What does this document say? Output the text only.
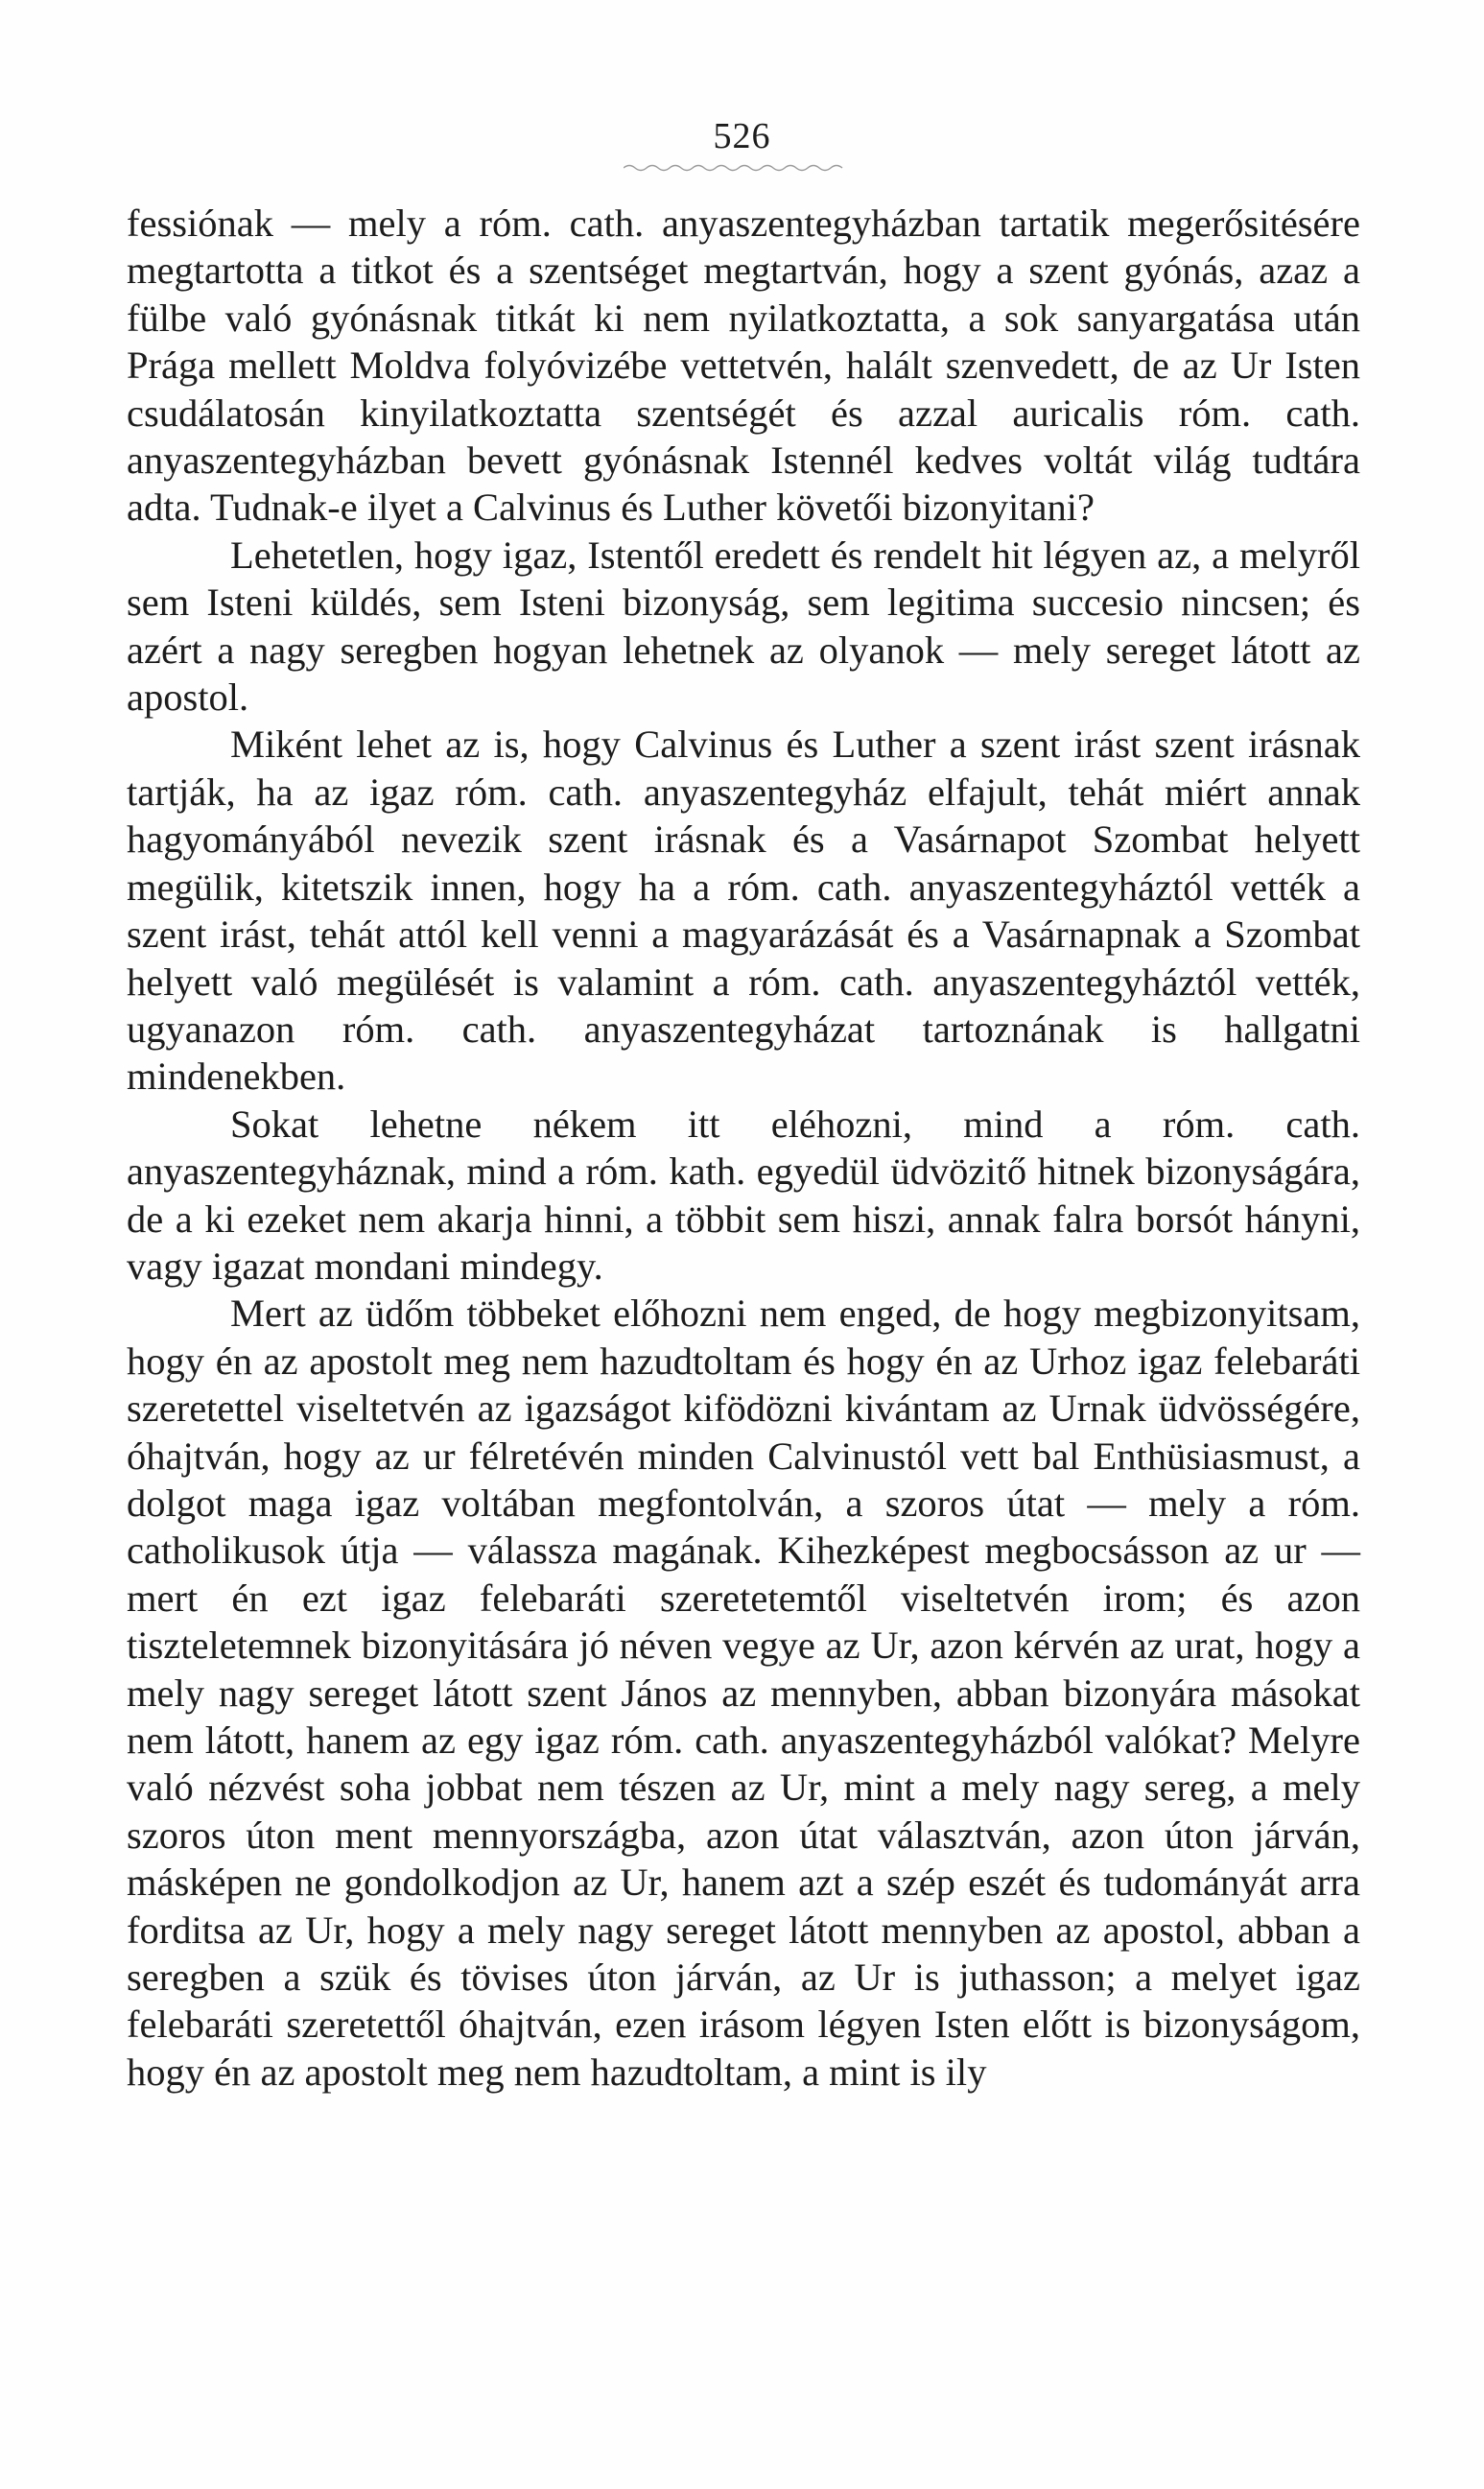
526

fessiónak — mely a róm. cath. anyaszentegyházban tartatik megerősitésére megtartotta a titkot és a szentséget megtartván, hogy a szent gyónás, azaz a fülbe való gyónásnak titkát ki nem nyilatkoztatta, a sok sanyargatása után Prága mellett Moldva folyóvizébe vettetvén, halált szenvedett, de az Ur Isten csudálatosán kinyilatkoztatta szentségét és azzal auricalis róm. cath. anyaszentegyházban bevett gyónásnak Istennél kedves voltát világ tudtára adta. Tudnak-e ilyet a Calvinus és Luther követői bizonyitani?

Lehetetlen, hogy igaz, Istentől eredett és rendelt hit légyen az, a melyről sem Isteni küldés, sem Isteni bizonyság, sem legitima succesio nincsen; és azért a nagy seregben hogyan lehetnek az olyanok — mely sereget látott az apostol.

Miként lehet az is, hogy Calvinus és Luther a szent irást szent irásnak tartják, ha az igaz róm. cath. anyaszentegyház elfajult, tehát miért annak hagyományából nevezik szent irásnak és a Vasárnapot Szombat helyett megülik, kitetszik innen, hogy ha a róm. cath. anyaszentegyháztól vették a szent irást, tehát attól kell venni a magyarázását és a Vasárnapnak a Szombat helyett való megülését is valamint a róm. cath. anyaszentegyháztól vették, ugyanazon róm. cath. anyaszentegyházat tartoznának is hallgatni mindenekben.

Sokat lehetne nékem itt eléhozni, mind a róm. cath. anyaszentegyháznak, mind a róm. kath. egyedül üdvözitő hitnek bizonyságára, de a ki ezeket nem akarja hinni, a többit sem hiszi, annak falra borsót hányni, vagy igazat mondani mindegy.

Mert az üdőm többeket előhozni nem enged, de hogy megbizonyitsam, hogy én az apostolt meg nem hazudtoltam és hogy én az Urhoz igaz felebaráti szeretettel viseltetvén az igazságot kifödözni kivántam az Urnak üdvösségére, óhajtván, hogy az ur félretévén minden Calvinustól vett bal Enthüsiasmust, a dolgot maga igaz voltában megfontolván, a szoros útat — mely a róm. catholikusok útja — válassza magának. Kihezképest megbocsásson az ur — mert én ezt igaz felebaráti szeretetemtől viseltetvén irom; és azon tiszteletemnek bizonyitására jó néven vegye az Ur, azon kérvén az urat, hogy a mely nagy sereget látott szent János az mennyben, abban bizonyára másokat nem látott, hanem az egy igaz róm. cath. anyaszentegyházból valókat? Melyre való nézvést soha jobbat nem tészen az Ur, mint a mely nagy sereg, a mely szoros úton ment mennyországba, azon útat választván, azon úton járván, másképen ne gondolkodjon az Ur, hanem azt a szép eszét és tudományát arra forditsa az Ur, hogy a mely nagy sereget látott mennyben az apostol, abban a seregben a szük és tövises úton járván, az Ur is juthasson; a melyet igaz felebaráti szeretettől óhajtván, ezen irásom légyen Isten előtt is bizonyságom, hogy én az apostolt meg nem hazudtoltam, a mint is ily
